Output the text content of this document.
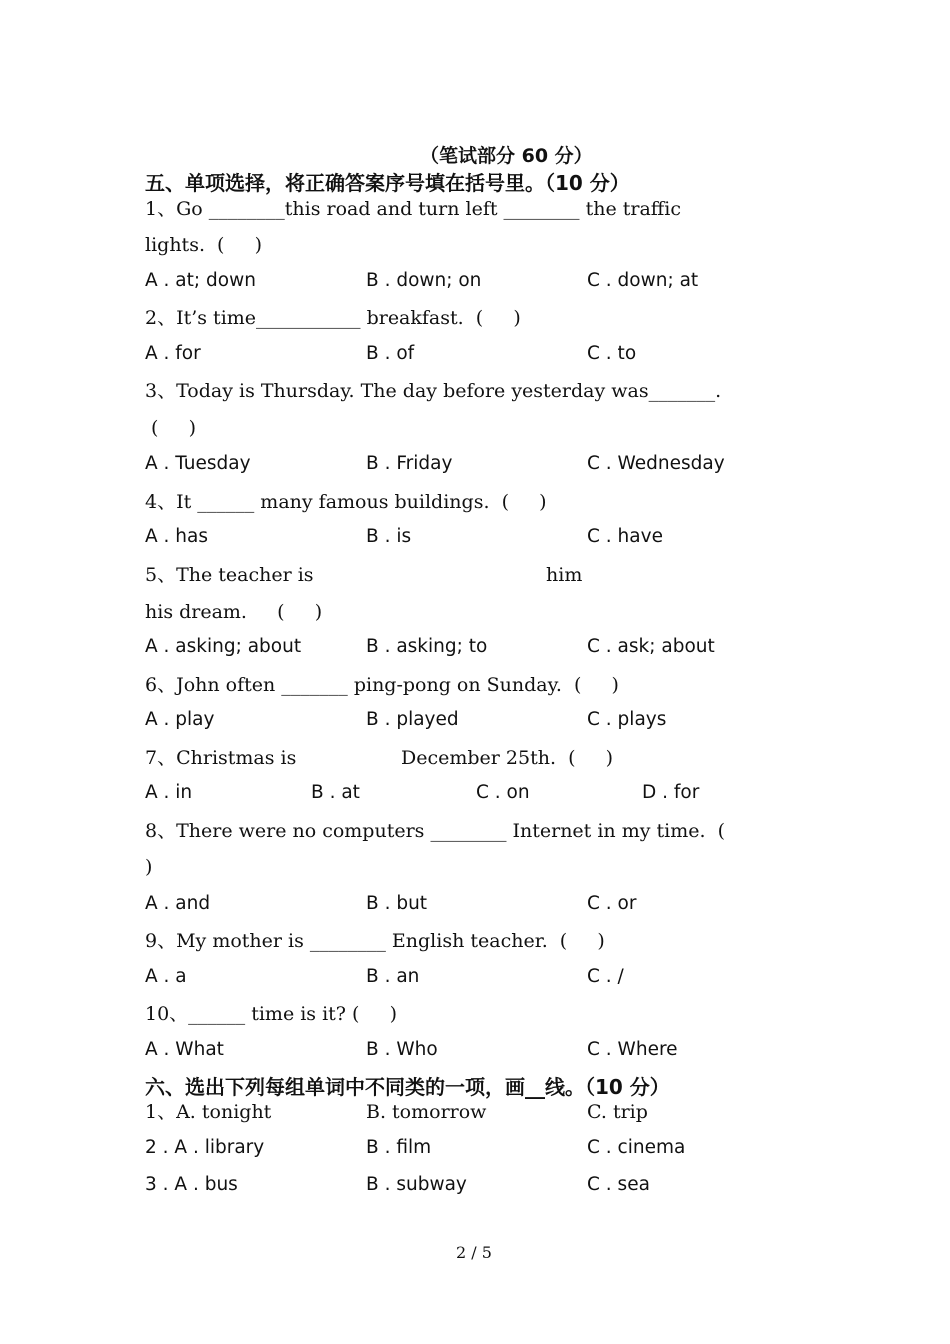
（笔试部分 60 分）
五、单项选择，将正确答案序号填在括号里。（10 分）
1、Go ________this road and turn left ________ the traffic
lights.  (     )
A . at; down	B . down; on	C . down; at
2、It’s time___________ breakfast.  (     )
A . for	B . of	C . to
3、Today is Thursday. The day before yesterday was_______.
(     )
A . Tuesday	B . Friday	C . Wednesday
4、It ______ many famous buildings.  (     )
A . has	B . is	C . have
5、The teacher is	him
his dream.     (     )
A . asking; about	B . asking; to	C . ask; about
6、John often _______ ping-pong on Sunday.  (     )
A . play	B . played	C . plays
7、Christmas is	December 25th.  (     )
A . in	B . at	C . on	D . for
8、There were no computers ________ Internet in my time.  (
)
A . and	B . but	C . or
9、My mother is ________ English teacher.  (     )
A . a	B . an	C . /
10、______ time is it? (     )
A . What	B . Who	C . Where
六、选出下列每组单词中不同类的一项，画__线。（10 分）
1、A. tonight	B. tomorrow	C. trip
2 . A . library	B . film	C . cinema
3 . A . bus	B . subway	C . sea
2 / 5
